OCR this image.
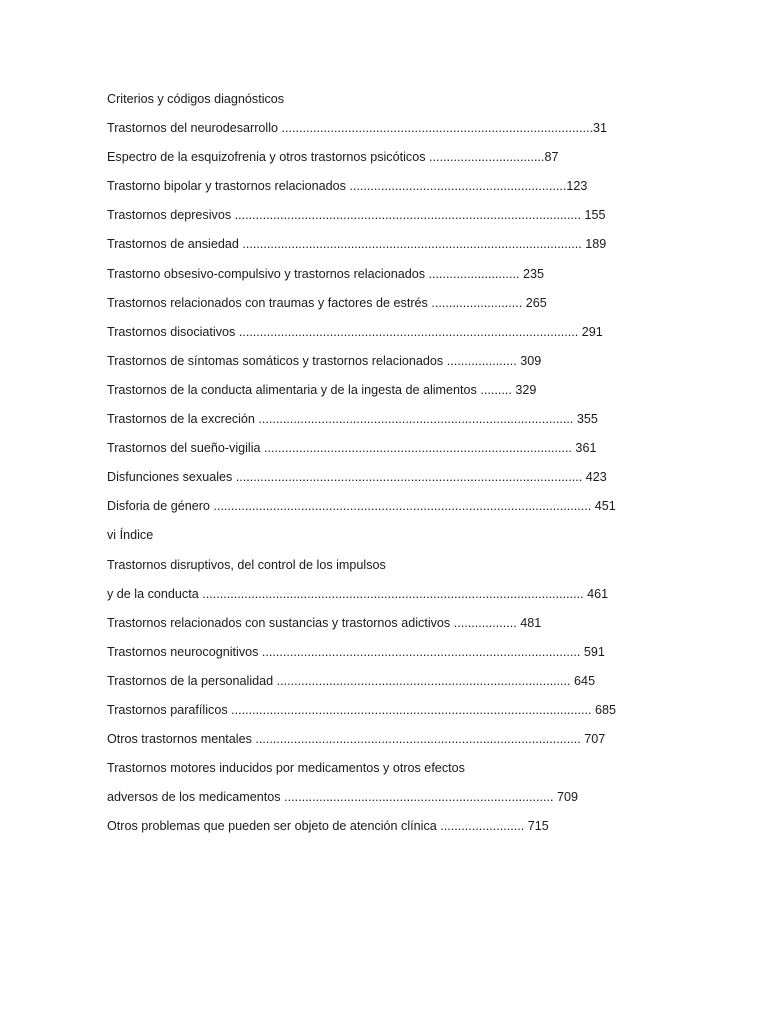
Criterios y códigos diagnósticos
Trastornos del neurodesarrollo .........................................................................................31
Espectro de la esquizofrenia y otros trastornos psicóticos .................................87
Trastorno bipolar y trastornos relacionados ..............................................................123
Trastornos depresivos ................................................................................................... 155
Trastornos de ansiedad ................................................................................................. 189
Trastorno obsesivo-compulsivo y trastornos relacionados .......................... 235
Trastornos relacionados con traumas y factores de estrés .......................... 265
Trastornos disociativos ................................................................................................. 291
Trastornos de síntomas somáticos y trastornos relacionados .................... 309
Trastornos de la conducta alimentaria y de la ingesta de alimentos ......... 329
Trastornos de la excreción .......................................................................................... 355
Trastornos del sueño-vigilia ........................................................................................ 361
Disfunciones sexuales ................................................................................................... 423
Disforia de género ............................................................................................................ 451
vi Índice
Trastornos disruptivos, del control de los impulsos
y de la conducta ............................................................................................................. 461
Trastornos relacionados con sustancias y trastornos adictivos .................. 481
Trastornos neurocognitivos ........................................................................................... 591
Trastornos de la personalidad .................................................................................... 645
Trastornos parafílicos ....................................................................................................... 685
Otros trastornos mentales ............................................................................................. 707
Trastornos motores inducidos por medicamentos y otros efectos
adversos de los medicamentos ............................................................................. 709
Otros problemas que pueden ser objeto de atención clínica ........................ 715
